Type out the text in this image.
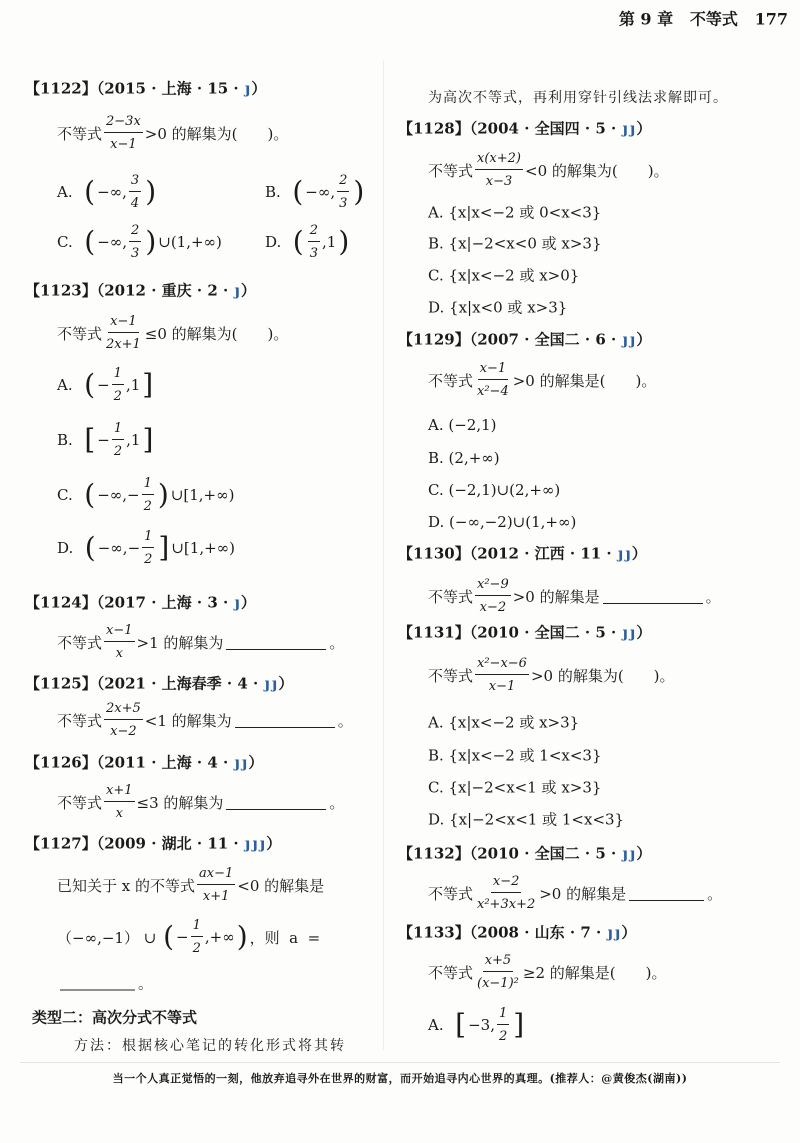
第 9 章 不等式 177
【1122】（2015 · 上海 · 15 · ȷ）
不等式 $\frac{2-3x}{x-1} >0$ 的解集为(　　)。
A. ( −∞, $\frac{3}{4}$ )	B. ( −∞, $\frac{2}{3}$ )
C. ( −∞, $\frac{2}{3}$ ) ∪(1,+∞)	D. ( $\frac{2}{3} ,1$ )
【1123】（2012 · 重庆 · 2 · ȷ）
不等式 $\frac{x-1}{2x+1} \le 0$ 的解集为(　　)。
A. ( − $\frac{1}{2} ,1$ ]
B. [ − $\frac{1}{2} ,1$ ]
C. ( −∞,− $\frac{1}{2}$ ) ∪[1,+∞)
D. ( −∞,− $\frac{1}{2}$ ] ∪[1,+∞)
【1124】（2017 · 上海 · 3 · ȷ）
不等式 $\frac{x-1}{x} >1$ 的解集为	。
【1125】（2021 · 上海春季 · 4 · ȷ ȷ）
不等式 $\frac{2x+5}{x-2} <1$ 的解集为	。
【1126】（2011 · 上海 · 4 · ȷ ȷ）
不等式 $\frac{x+1}{x} \le 3$ 的解集为	。
【1127】（2009 · 湖北 · 11 · ȷ ȷ ȷ）
已知关于 x 的不等式 $\frac{ax-1}{x+1} <0$ 的解集是
（−∞,−1） ∪ ( − $\frac{1}{2}$ ,+∞ ) ，则  a  =
。
【1128】（2004 · 全国四 · 5 · ȷ ȷ）
不等式 $\frac{x(x+2)}{x-3} <0$ 的解集为(　　)。
A. {x|x<−2 或 0<x<3}
B. {x|−2<x<0 或 x>3}
C. {x|x<−2 或 x>0}
D. {x|x<0 或 x>3}
【1129】（2007 · 全国二 · 6 · ȷ ȷ）
不等式 $\frac{x-1}{\text{x²−4}} >0$ 的解集是(　　)。
A. (−2,1)
B. (2,+∞)
C. (−2,1)∪(2,+∞)
D. (−∞,−2)∪(1,+∞)
【1130】（2012 · 江西 · 11 · ȷ ȷ）
不等式 $\frac{\text{x²−9}}{x-2} >0$ 的解集是	。
【1131】（2010 · 全国二 · 5 · ȷ ȷ）
不等式 $\frac{\text{x²−x−6}}{x-1} >0$ 的解集为(　　)。
A. {x|x<−2 或 x>3}
B. {x|x<−2 或 1<x<3}
C. {x|−2<x<1 或 x>3}
D. {x|−2<x<1 或 1<x<3}
【1132】（2010 · 全国二 · 5 · ȷ ȷ）
不等式 $\frac{x-2}{\text{x²+3x+2}} >0$ 的解集是	。
【1133】（2008 · 山东 · 7 · ȷ ȷ）
不等式 $\frac{x+5}{\text{(x−1)²}} \ge 2$ 的解集是(　　)。
A. [ −3, $\frac{1}{2}$ ]
为高次不等式，再利用穿针引线法求解即可。
类型二：高次分式不等式
方法：根据核心笔记的转化形式将其转
当一个人真正觉悟的一刻，他放弃追寻外在世界的财富，而开始追寻内心世界的真理。(推荐人：@黄俊杰(湖南))
